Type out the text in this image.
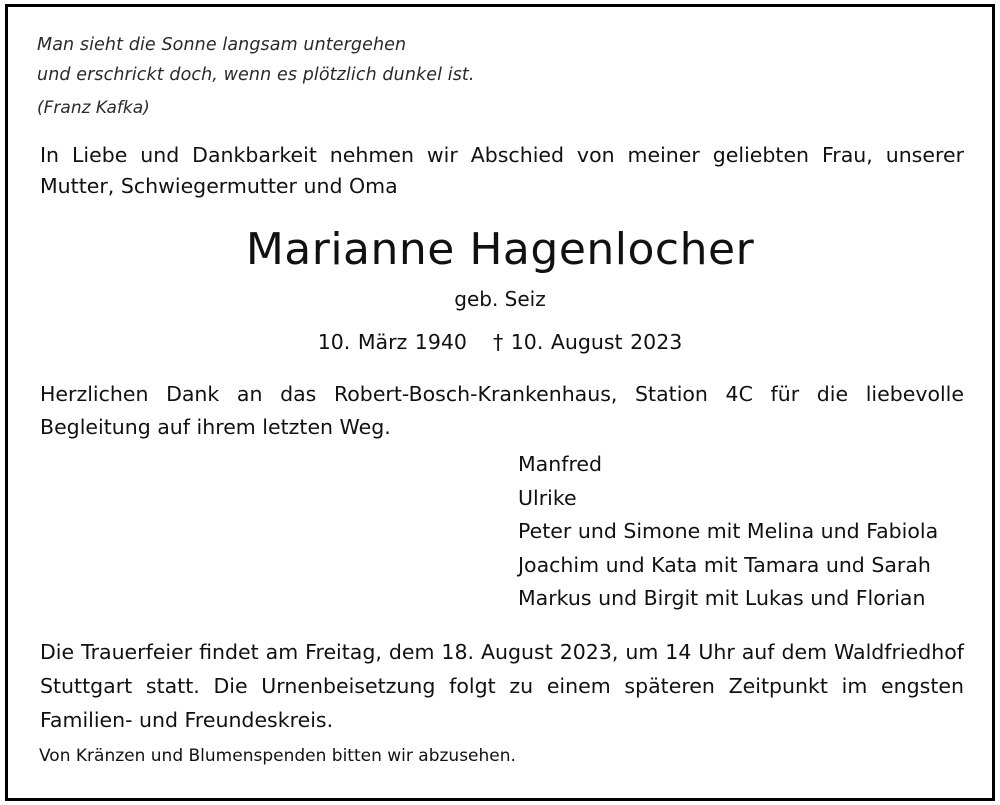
Man sieht die Sonne langsam untergehen
und erschrickt doch, wenn es plötzlich dunkel ist.
(Franz Kafka)
In Liebe und Dankbarkeit nehmen wir Abschied von meiner geliebten Frau, unserer Mutter, Schwiegermutter und Oma
Marianne Hagenlocher
geb. Seiz
10. März 1940 † 10. August 2023
Herzlichen Dank an das Robert-Bosch-Krankenhaus, Station 4C für die liebevolle Begleitung auf ihrem letzten Weg.
Manfred
Ulrike
Peter und Simone mit Melina und Fabiola
Joachim und Kata mit Tamara und Sarah
Markus und Birgit mit Lukas und Florian
Die Trauerfeier findet am Freitag, dem 18. August 2023, um 14 Uhr auf dem Waldfriedhof Stuttgart statt. Die Urnenbeisetzung folgt zu einem späteren Zeitpunkt im engsten Familien- und Freundeskreis.
Von Kränzen und Blumenspenden bitten wir abzusehen.
